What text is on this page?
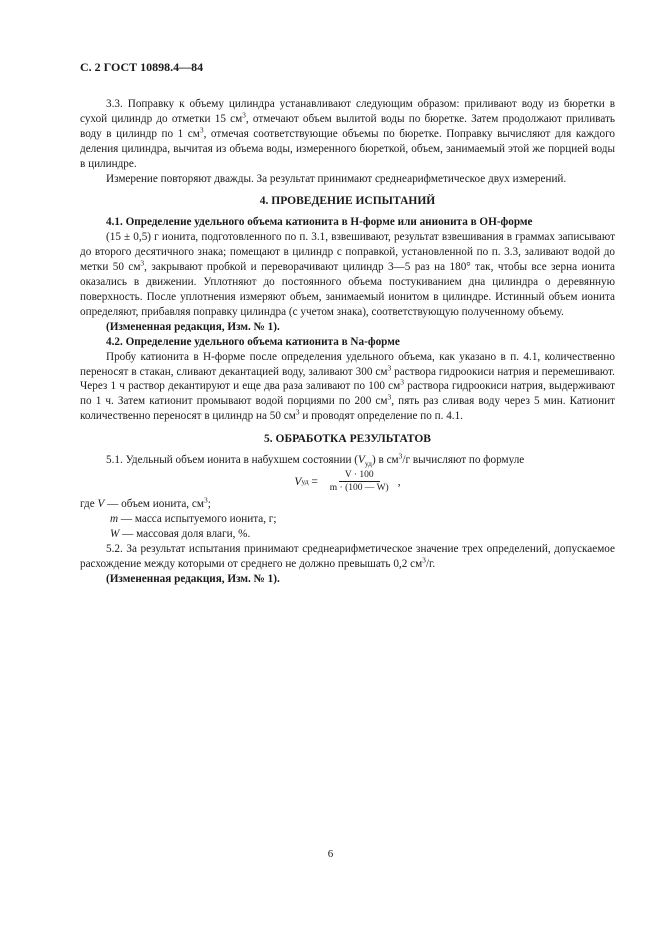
С. 2 ГОСТ 10898.4—84

3.3. Поправку к объему цилиндра устанавливают следующим образом: приливают воду из бюретки в сухой цилиндр до отметки 15 $см^3$, отмечают объем вылитой воды по бюретке. Затем продолжают приливать воду в цилиндр по 1 $см^3$, отмечая соответствующие объемы по бюретке. Поправку вычисляют для каждого деления цилиндра, вычитая из объема воды, измеренного бюреткой, объем, занимаемый этой же порцией воды в цилиндре.

Измерение повторяют дважды. За результат принимают среднеарифметическое двух измерений.

4. ПРОВЕДЕНИЕ ИСПЫТАНИЙ

4.1. Определение удельного объема катионита в Н-форме или анионита в ОН-форме

(15 ± 0,5) г ионита, подготовленного по п. 3.1, взвешивают, результат взвешивания в граммах записывают до второго десятичного знака; помещают в цилиндр с поправкой, установленной по п. 3.3, заливают водой до метки 50 $см^3$, закрывают пробкой и переворачивают цилиндр 3—5 раз на 180° так, чтобы все зерна ионита оказались в движении. Уплотняют до постоянного объема постукиванием дна цилиндра о деревянную поверхность. После уплотнения измеряют объем, занимаемый ионитом в цилиндре. Истинный объем ионита определяют, прибавляя поправку цилиндра (с учетом знака), соответствующую полученному объему.

(Измененная редакция, Изм. № 1).

4.2. Определение удельного объема катионита в Na-форме

Пробу катионита в Н-форме после определения удельного объема, как указано в п. 4.1, количественно переносят в стакан, сливают декантацией воду, заливают 300 $см^3$ раствора гидроокиси натрия и перемешивают. Через 1 ч раствор декантируют и еще два раза заливают по 100 $см^3$ раствора гидроокиси натрия, выдерживают по 1 ч. Затем катионит промывают водой порциями по 200 $см^3$, пять раз сливая воду через 5 мин. Катионит количественно переносят в цилиндр на 50 $см^3$ и проводят определение по п. 4.1.

5. ОБРАБОТКА РЕЗУЛЬТАТОВ

5.1. Удельный объем ионита в набухшем состоянии $(V_{уд})$ в $см^3/г$ вычисляют по формуле

V уд = $\frac{V \cdot 100}{m \cdot (100 — W)}$ ,

где V — объем ионита, $см^3$;

m — масса испытуемого ионита, г;

W — массовая доля влаги, %.

5.2. За результат испытания принимают среднеарифметическое значение трех определений, допускаемое расхождение между которыми от среднего не должно превышать 0,2 $см^3/г$.

(Измененная редакция, Изм. № 1).

6
